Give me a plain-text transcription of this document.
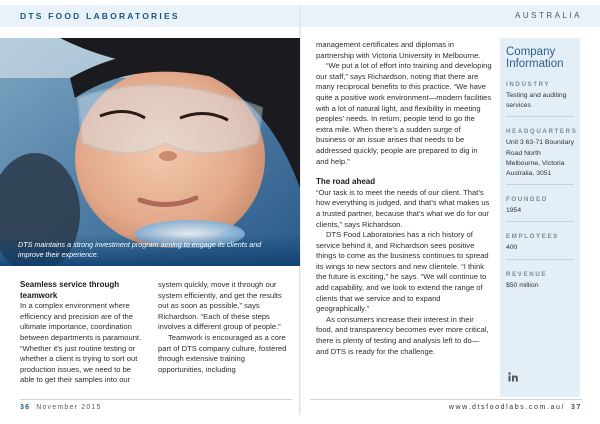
DTS FOOD LABORATORIES	AUSTRALIA
DTS maintains a strong investment program aiming to engage its clients and improve their experience.
Seamless service through teamwork

In a complex environment where efficiency and precision are of the ultimate importance, coordination between departments is paramount. “Whether it’s just routine testing or whether a client is trying to sort out production issues, we need to be able to get their samples into our

system quickly, move it through our system efficiently, and get the results out as soon as possible,” says Richardson. “Each of these steps involves a different group of people.”

Teamwork is encouraged as a core part of DTS company culture, fostered through extensive training opportunities, including

management certificates and diplomas in partnership with Victoria University in Melbourne.

“We put a lot of effort into training and developing our staff,” says Richardson, noting that there are many reciprocal benefits to this practice. “We have quite a positive work environment—modern facilities with a lot of natural light, and flexibility in meeting peoples’ needs. In return, people tend to go the extra mile. When there’s a sudden surge of business or an issue arises that needs to be addressed quickly, people are prepared to dig in and help.”

The road ahead

“Our task is to meet the needs of our client. That’s how everything is judged, and that’s what makes us a trusted partner, because that’s what we do for our clients,” says Richardson.

DTS Food Laboratories has a rich history of service behind it, and Richardson sees positive things to come as the business continues to spread its wings to new sectors and new clientele. “I think the future is exciting,” he says. “We will continue to add capability, and we look to extend the range of clients that we service and to expand geographically.”

As consumers increase their interest in their food, and transparency becomes ever more critical, there is plenty of testing and analysis left to do—and DTS is ready for the challenge.

Company Information
INDUSTRY
Testing and auditing services
HEADQUARTERS
Unit 3 63-71 Boundary Road North Melbourne, Victoria Australia, 3051
FOUNDED
1954
EMPLOYEES
400
REVENUE
$50 million
36 November 2015	www.dtsfoodlabs.com.au/ 37
